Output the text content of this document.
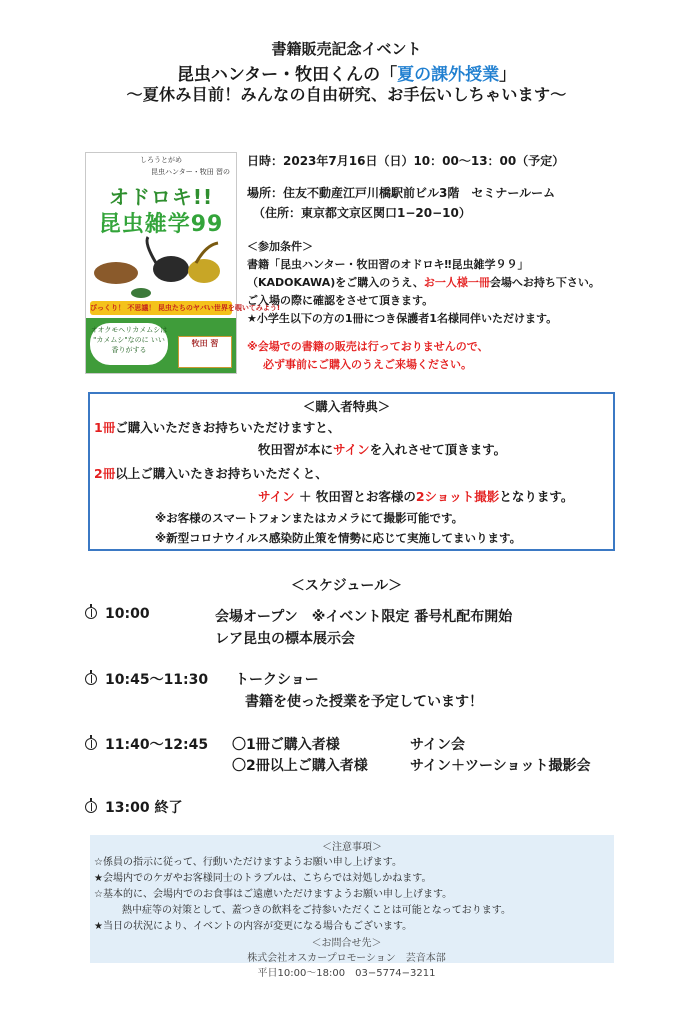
書籍販売記念イベント
昆虫ハンター・牧田くんの「夏の課外授業」
〜夏休み目前！みんなの自由研究、お手伝いしちゃいます〜
しろうとがめ
昆虫ハンター・牧田 習の
オドロキ!!
昆虫雑学99
びっくり！ 不思議！ 昆虫たちのヤバい世界を覗いてみよう!
オオクモヘリカメムシは "カメムシ"なのに いい香りがする
牧田 習
日時：2023年7月16日（日）10：00〜13：00（予定）
場所：住友不動産江戸川橋駅前ビル3階　セミナールーム
（住所：東京都文京区関口1−20−10）
＜参加条件＞
書籍「昆虫ハンター・牧田習のオドロキ‼昆虫雑学９９」
（KADOKAWA)をご購入のうえ、お一人様一冊会場へお持ち下さい。
ご入場の際に確認をさせて頂きます。
★小学生以下の方の1冊につき保護者1名様同伴いただけます。
※会場での書籍の販売は行っておりませんので、
必ず事前にご購入のうえご来場ください。
＜購入者特典＞
1冊ご購入いただきお持ちいただけますと、
牧田習が本にサインを入れさせて頂きます。
2冊以上ご購入いたきお持ちいただくと、
サイン ＋ 牧田習とお客様の2ショット撮影となります。
※お客様のスマートフォンまたはカメラにて撮影可能です。
※新型コロナウイルス感染防止策を情勢に応じて実施してまいります。
＜スケジュール＞
10:00	会場オープン　※イベント限定 番号札配布開始
レア昆虫の標本展示会
10:45〜11:30 トークショー
書籍を使った授業を予定しています！
11:40〜12:45 〇1冊ご購入者様	サイン会
〇2冊以上ご購入者様	サイン＋ツーショット撮影会
13:00 終了
＜注意事項＞
☆係員の指示に従って、行動いただけますようお願い申し上げます。
★会場内でのケガやお客様同士のトラブルは、こちらでは対処しかねます。
☆基本的に、会場内でのお食事はご遠慮いただけますようお願い申し上げます。
熱中症等の対策として、蓋つきの飲料をご持参いただくことは可能となっております。
★当日の状況により、イベントの内容が変更になる場合もございます。
＜お問合せ先＞
株式会社オスカープロモーション　芸音本部
平日10:00〜18:00　03−5774−3211
